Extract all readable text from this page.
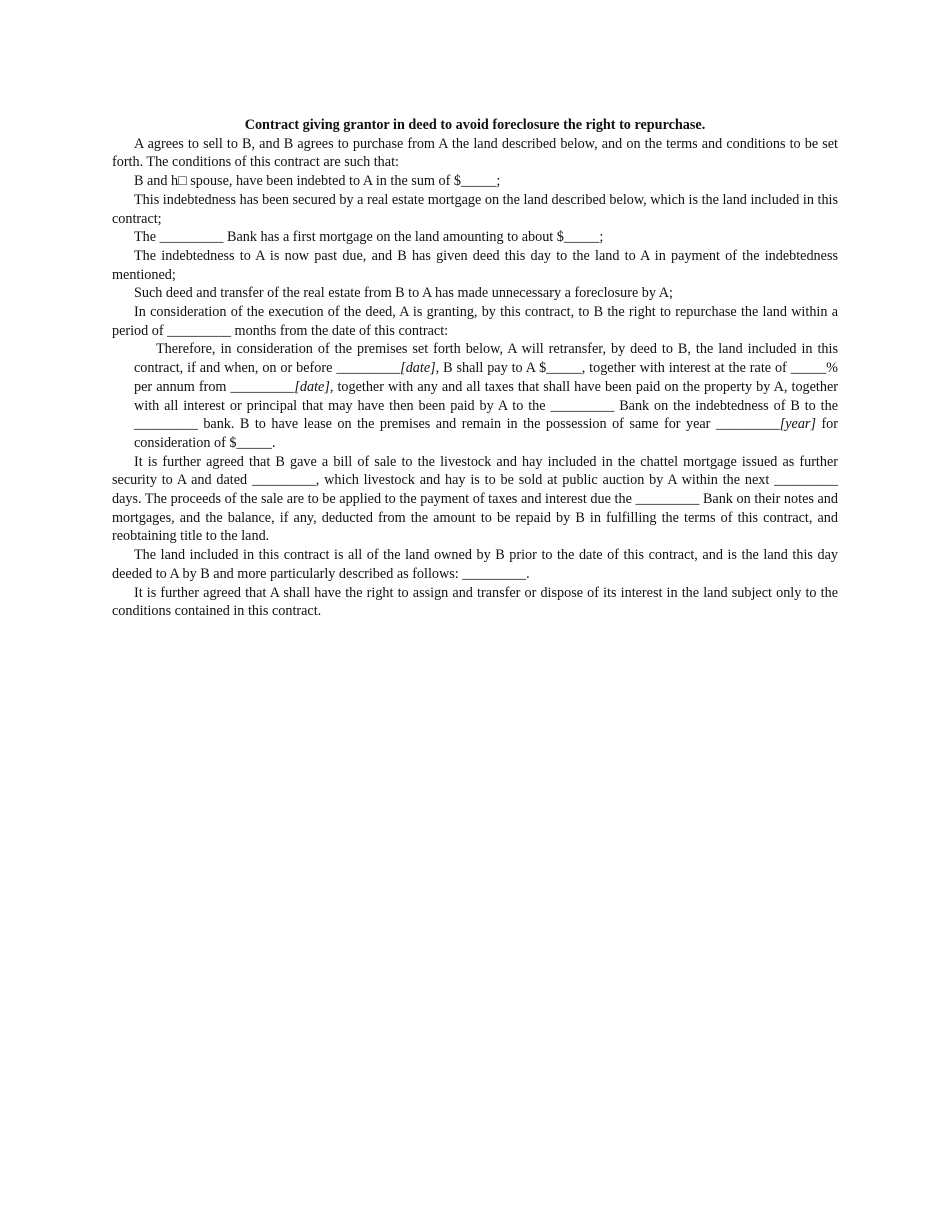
Contract giving grantor in deed to avoid foreclosure the right to repurchase.

A agrees to sell to B, and B agrees to purchase from A the land described below, and on the terms and conditions to be set forth. The conditions of this contract are such that:

B and h□ spouse, have been indebted to A in the sum of $_____;

This indebtedness has been secured by a real estate mortgage on the land described below, which is the land included in this contract;

The _________ Bank has a first mortgage on the land amounting to about $_____;

The indebtedness to A is now past due, and B has given deed this day to the land to A in payment of the indebtedness mentioned;

Such deed and transfer of the real estate from B to A has made unnecessary a foreclosure by A;

In consideration of the execution of the deed, A is granting, by this contract, to B the right to repurchase the land within a period of _________ months from the date of this contract:

Therefore, in consideration of the premises set forth below, A will retransfer, by deed to B, the land included in this contract, if and when, on or before _________[date], B shall pay to A $_____, together with interest at the rate of _____% per annum from _________[date], together with any and all taxes that shall have been paid on the property by A, together with all interest or principal that may have then been paid by A to the _________ Bank on the indebtedness of B to the _________ bank. B to have lease on the premises and remain in the possession of same for year _________[year] for consideration of $_____.

It is further agreed that B gave a bill of sale to the livestock and hay included in the chattel mortgage issued as further security to A and dated _________, which livestock and hay is to be sold at public auction by A within the next _________ days. The proceeds of the sale are to be applied to the payment of taxes and interest due the _________ Bank on their notes and mortgages, and the balance, if any, deducted from the amount to be repaid by B in fulfilling the terms of this contract, and reobtaining title to the land.

The land included in this contract is all of the land owned by B prior to the date of this contract, and is the land this day deeded to A by B and more particularly described as follows: _________.

It is further agreed that A shall have the right to assign and transfer or dispose of its interest in the land subject only to the conditions contained in this contract.
